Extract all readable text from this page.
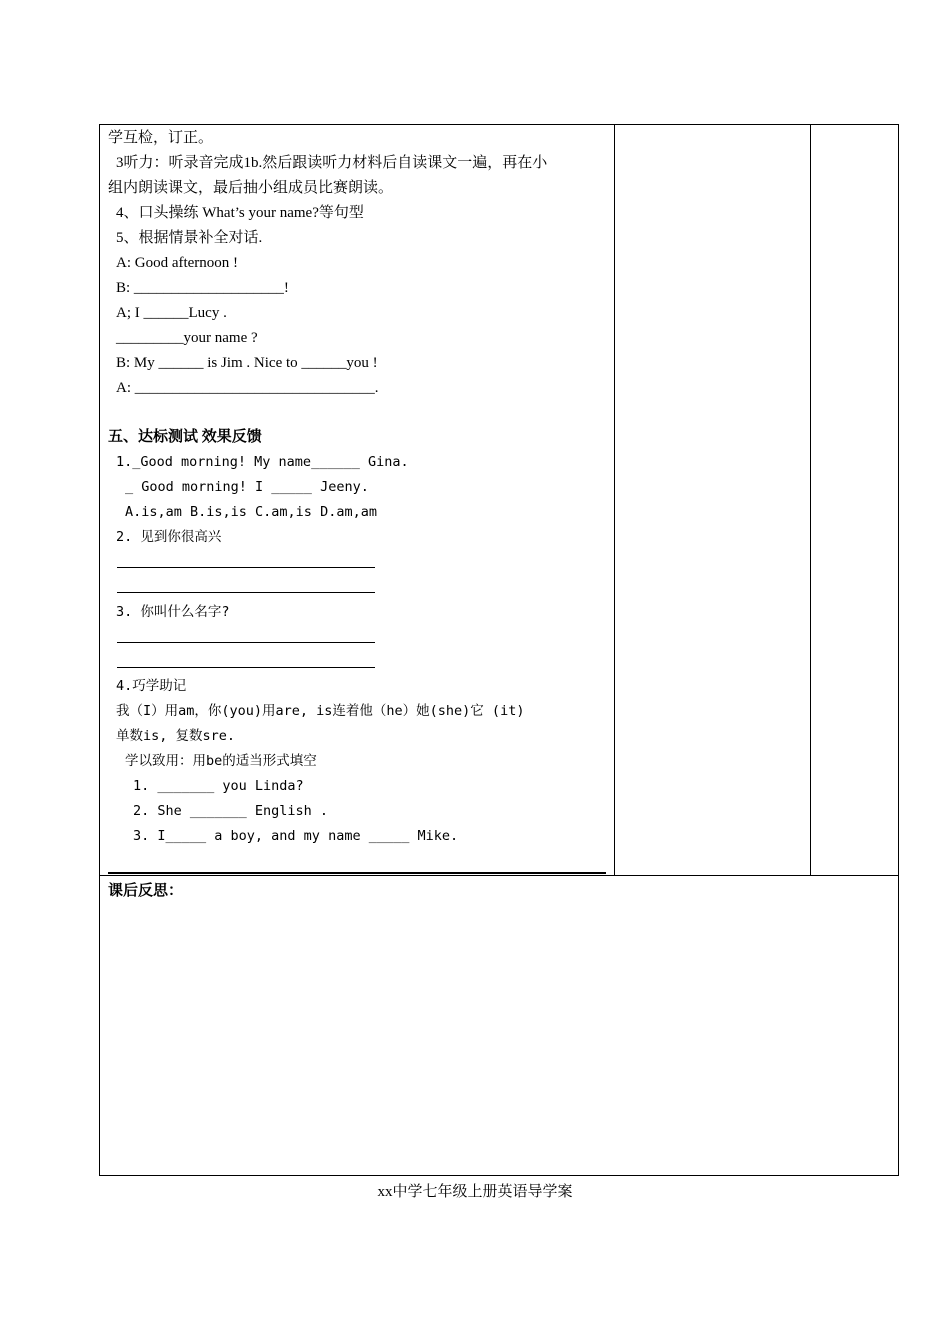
学互检，订正。
3听力：听录音完成1b.然后跟读听力材料后自读课文一遍，再在小
组内朗读课文，最后抽小组成员比赛朗读。
4、口头操练 What’s your name?等句型
5、根据情景补全对话.
A: Good afternoon !
B: ____________________!
A; I ______Lucy .
_________your name ?
B: My ______ is Jim . Nice to ______you !
A: ________________________________.
五、达标测试 效果反馈
1._Good morning! My name______ Gina.
_ Good morning! I _____ Jeeny.
A.is,am B.is,is C.am,is D.am,am
2. 见到你很高兴
3. 你叫什么名字?
4.巧学助记
我（I）用am，你(you)用are, is连着他（he）她(she)它 (it)
单数is, 复数sre.
学以致用：用be的适当形式填空
1. _______ you Linda?
2. She _______ English .
3. I_____ a boy, and my name _____ Mike.
课后反思：
xx中学七年级上册英语导学案
